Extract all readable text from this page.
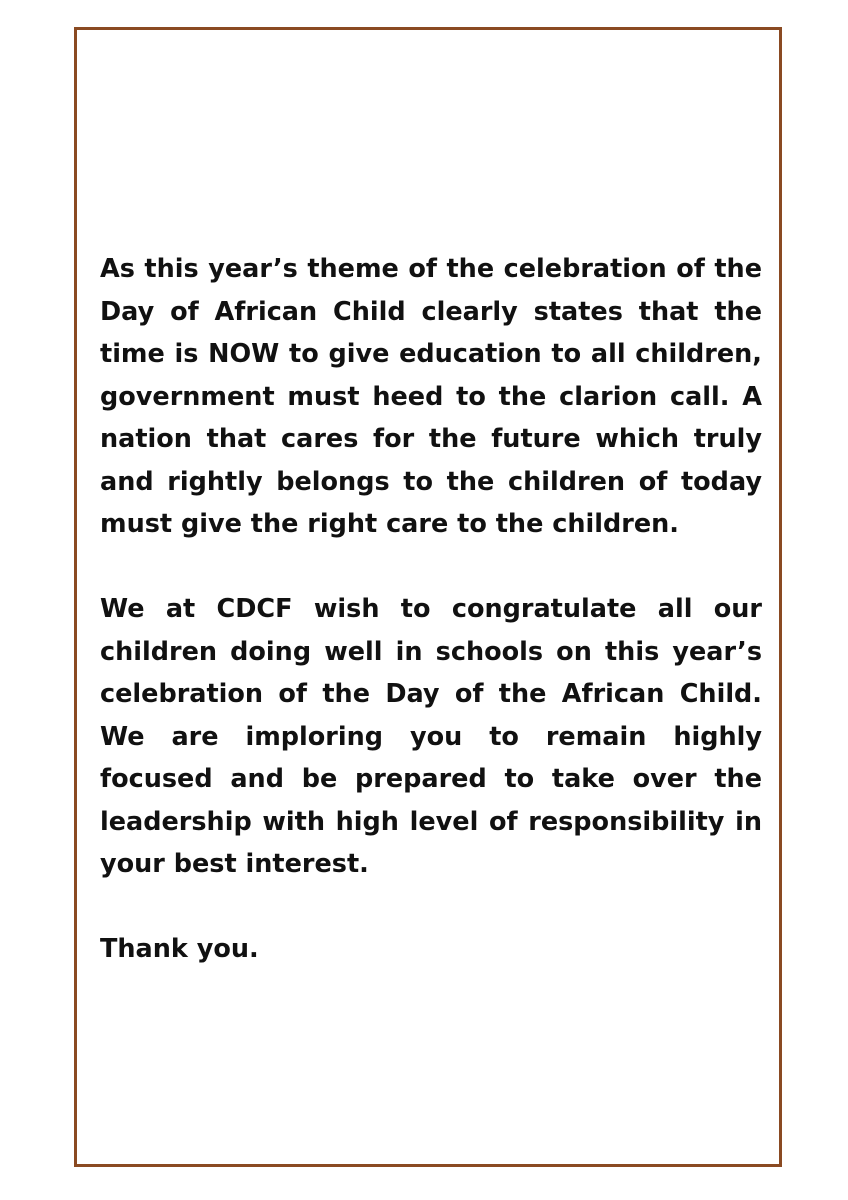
As this year’s theme of the celebration of the Day of African Child clearly states that the time is NOW to give education to all children, government must heed to the clarion call. A nation that cares for the future which truly and rightly belongs to the children of today must give the right care to the children.

We at CDCF wish to congratulate all our children doing well in schools on this year’s celebration of the Day of the African Child. We are imploring you to remain highly focused and be prepared to take over the leadership with high level of responsibility in your best interest.

Thank you.
